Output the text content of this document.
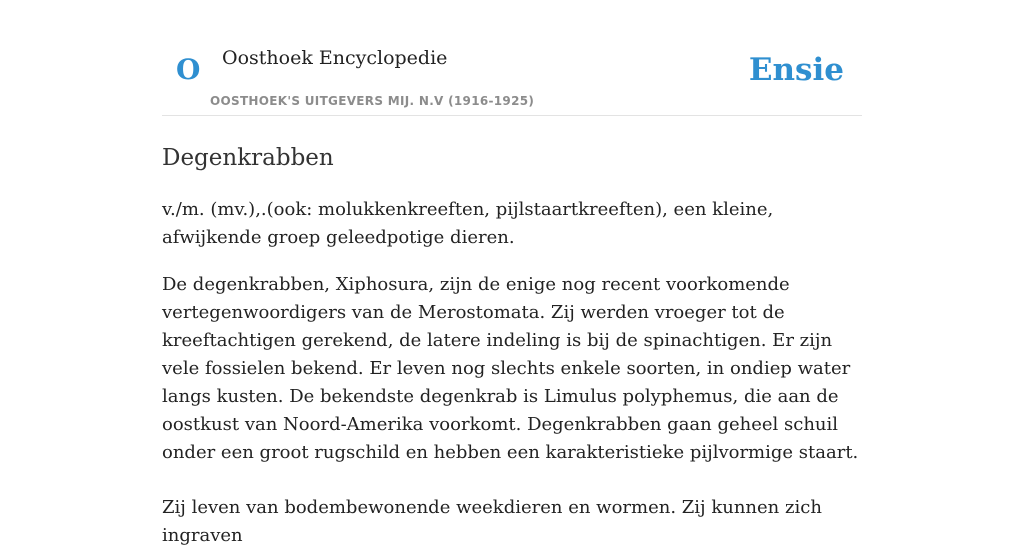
O Oosthoek Encyclopedie
OOSTHOEK'S UITGEVERS MIJ. N.V (1916-1925)
Ensie
Degenkrabben

v./m. (mv.),.(ook: molukkenkreeften, pijlstaartkreeften), een kleine, afwijkende groep geleedpotige dieren.

De degenkrabben, Xiphosura, zijn de enige nog recent voorkomende vertegenwoordigers van de Merostomata. Zij werden vroeger tot de kreeftachtigen gerekend, de latere indeling is bij de spinachtigen. Er zijn vele fossielen bekend. Er leven nog slechts enkele soorten, in ondiep water langs kusten. De bekendste degenkrab is Limulus polyphemus, die aan de oostkust van Noord-Amerika voorkomt. Degenkrabben gaan geheel schuil onder een groot rugschild en hebben een karakteristieke pijlvormige staart.

Zij leven van bodembewonende weekdieren en wormen. Zij kunnen zich ingraven
